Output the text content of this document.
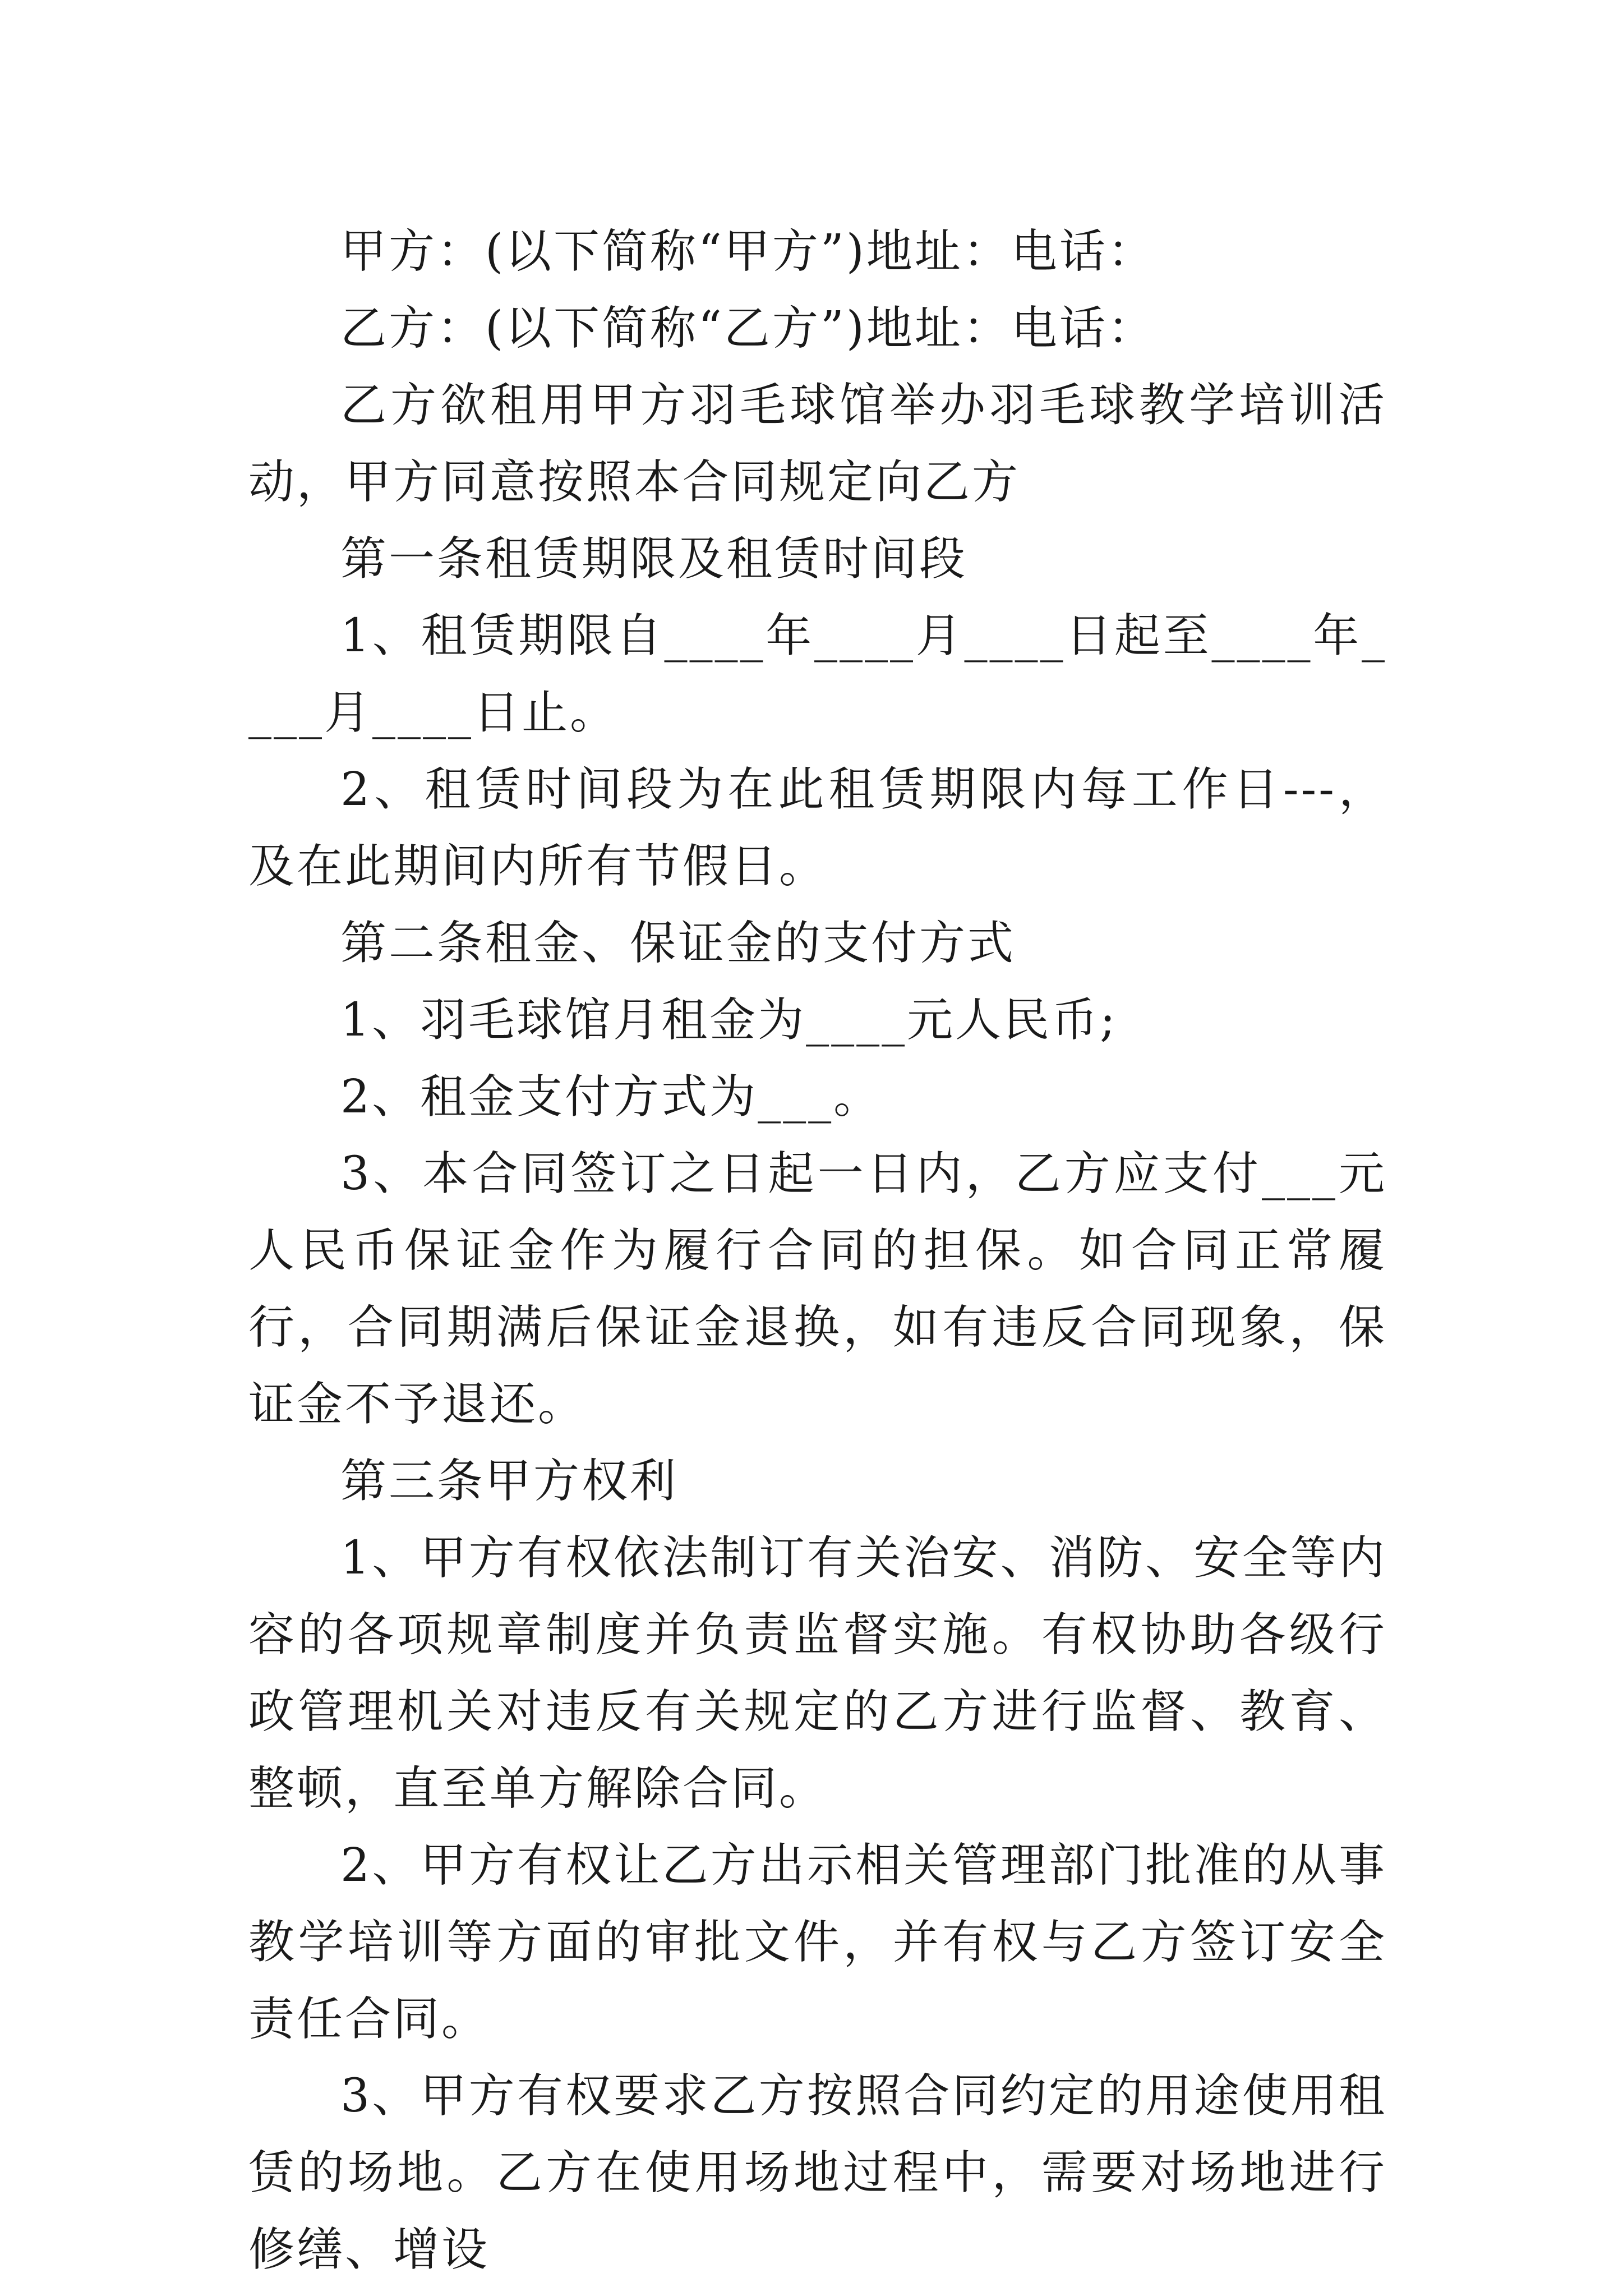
甲方：(以下简称“甲方”)地址：电话：

乙方：(以下简称“乙方”)地址：电话：

乙方欲租用甲方羽毛球馆举办羽毛球教学培训活动，甲方同意按照本合同规定向乙方

第一条租赁期限及租赁时间段

1、租赁期限自____年____月____日起至____年____月____日止。

2、租赁时间段为在此租赁期限内每工作日---，及在此期间内所有节假日。

第二条租金、保证金的支付方式

1、羽毛球馆月租金为____元人民币;

2、租金支付方式为___。

3、本合同签订之日起一日内，乙方应支付___元人民币保证金作为履行合同的担保。如合同正常履行，合同期满后保证金退换，如有违反合同现象，保证金不予退还。

第三条甲方权利

1、甲方有权依法制订有关治安、消防、安全等内容的各项规章制度并负责监督实施。有权协助各级行政管理机关对违反有关规定的乙方进行监督、教育、整顿，直至单方解除合同。

2、甲方有权让乙方出示相关管理部门批准的从事教学培训等方面的审批文件，并有权与乙方签订安全责任合同。

3、甲方有权要求乙方按照合同约定的用途使用租赁的场地。乙方在使用场地过程中，需要对场地进行修缮、增设
